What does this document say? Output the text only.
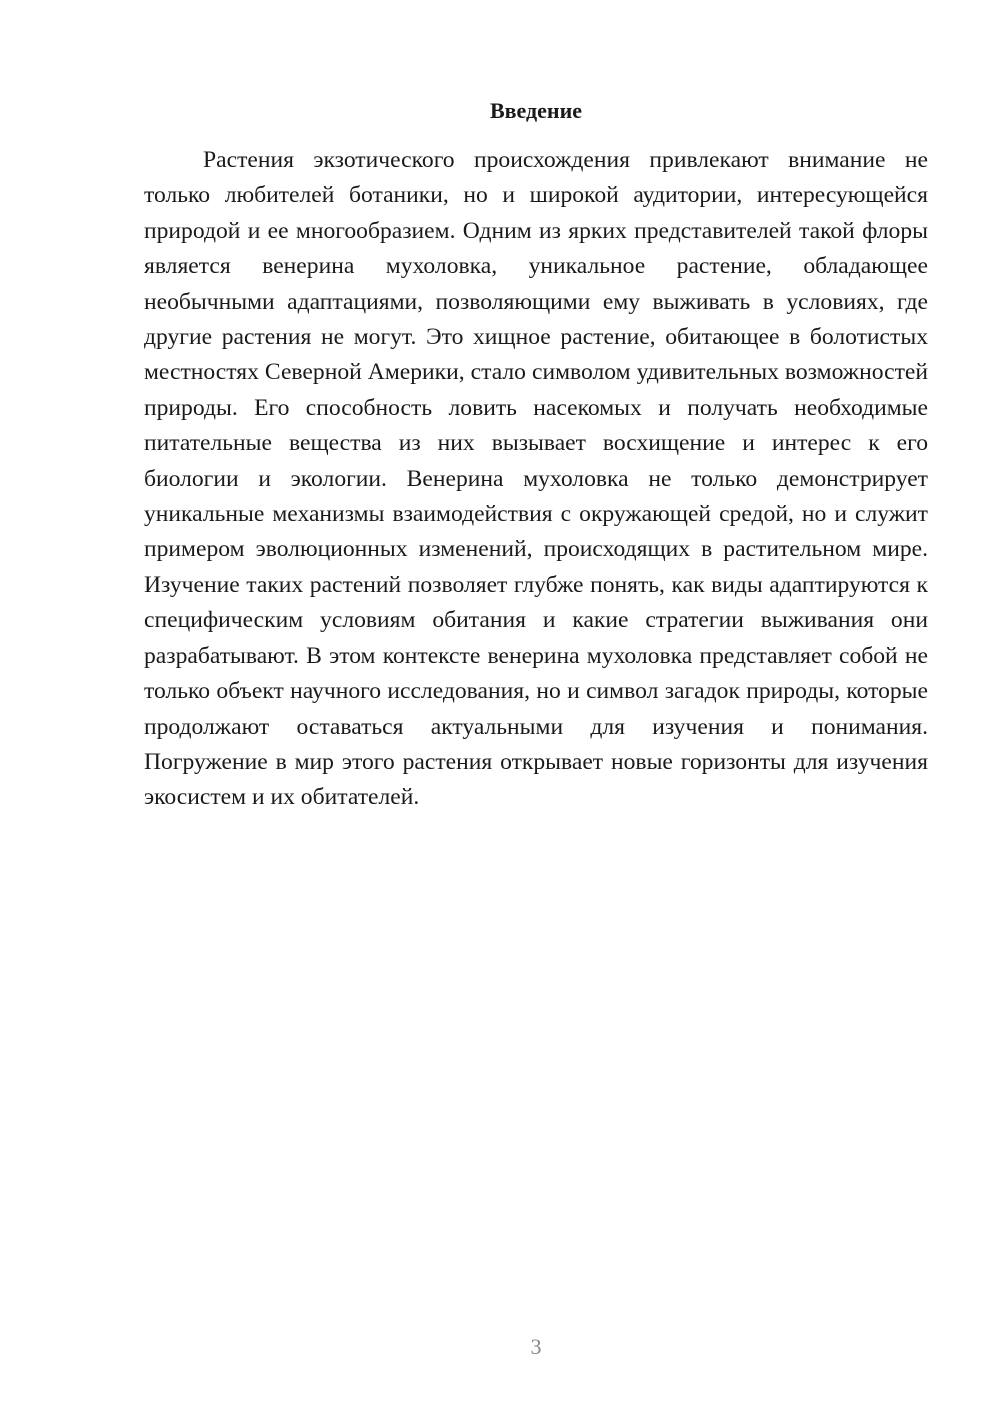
Введение

Растения экзотического происхождения привлекают внимание не только любителей ботаники, но и широкой аудитории, интересующейся природой и ее многообразием. Одним из ярких представителей такой флоры является венерина мухоловка, уникальное растение, обладающее необычными адаптациями, позволяющими ему выживать в условиях, где другие растения не могут. Это хищное растение, обитающее в болотистых местностях Северной Америки, стало символом удивительных возможностей природы. Его способность ловить насекомых и получать необходимые питательные вещества из них вызывает восхищение и интерес к его биологии и экологии. Венерина мухоловка не только демонстрирует уникальные механизмы взаимодействия с окружающей средой, но и служит примером эволюционных изменений, происходящих в растительном мире. Изучение таких растений позволяет глубже понять, как виды адаптируются к специфическим условиям обитания и какие стратегии выживания они разрабатывают. В этом контексте венерина мухоловка представляет собой не только объект научного исследования, но и символ загадок природы, которые продолжают оставаться актуальными для изучения и понимания. Погружение в мир этого растения открывает новые горизонты для изучения экосистем и их обитателей.

3
